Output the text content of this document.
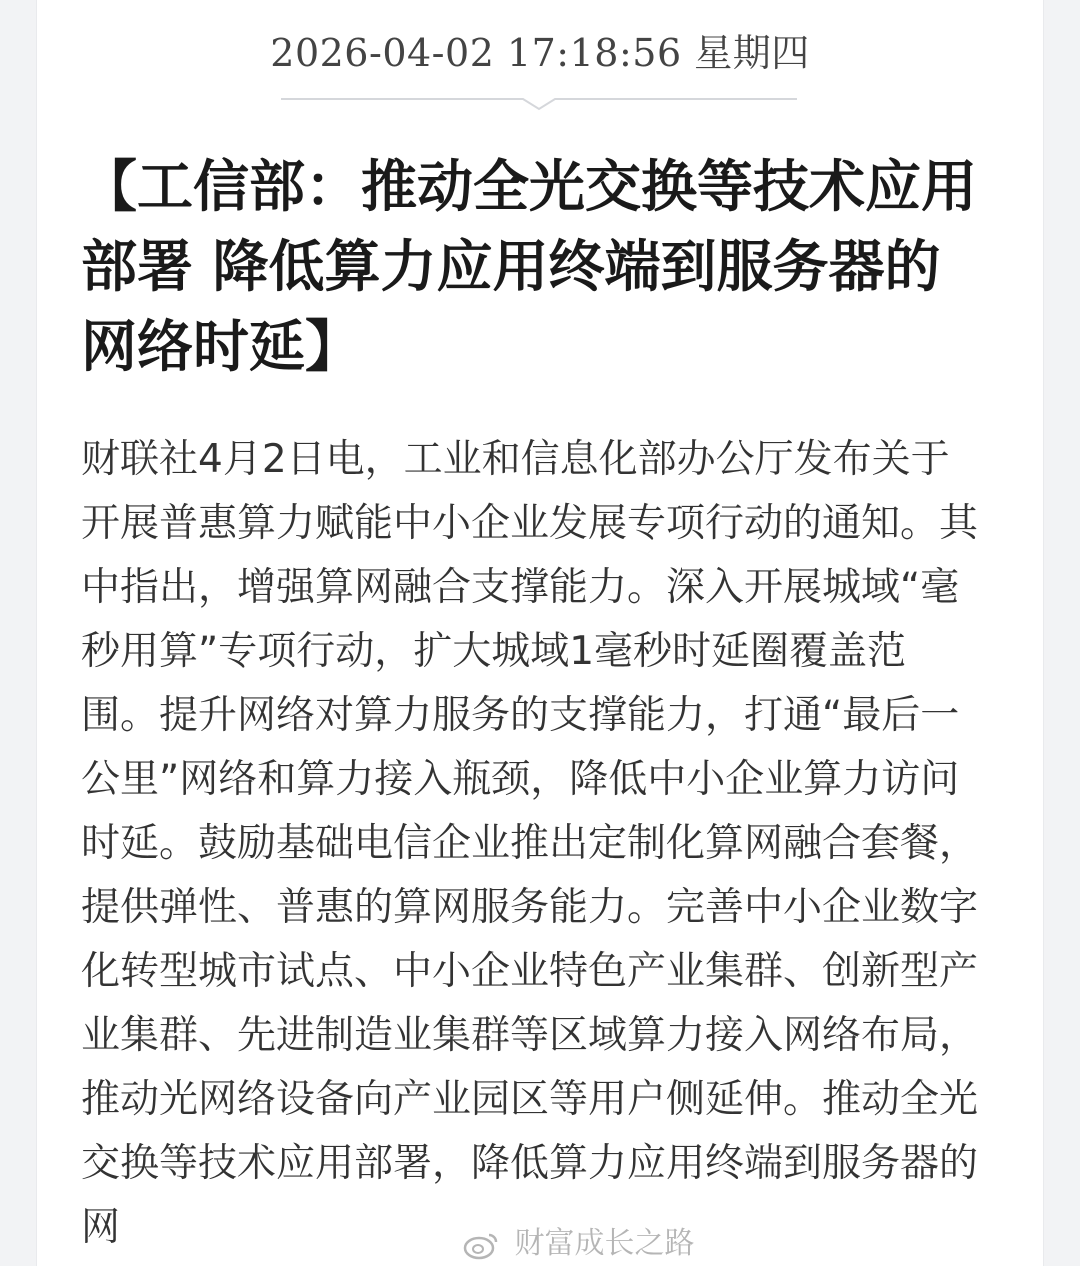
2026-04-02 17:18:56 星期四
【工信部：推动全光交换等技术应用部署 降低算力应用终端到服务器的网络时延】

财联社4月2日电，工业和信息化部办公厅发布关于开展普惠算力赋能中小企业发展专项行动的通知。其中指出，增强算网融合支撑能力。深入开展城域“毫秒用算”专项行动，扩大城域1毫秒时延圈覆盖范围。提升网络对算力服务的支撑能力，打通“最后一公里”网络和算力接入瓶颈，降低中小企业算力访问时延。鼓励基础电信企业推出定制化算网融合套餐，提供弹性、普惠的算网服务能力。完善中小企业数字化转型城市试点、中小企业特色产业集群、创新型产业集群、先进制造业集群等区域算力接入网络布局，推动光网络设备向产业园区等用户侧延伸。推动全光交换等技术应用部署，降低算力应用终端到服务器的网	财富成长之路
